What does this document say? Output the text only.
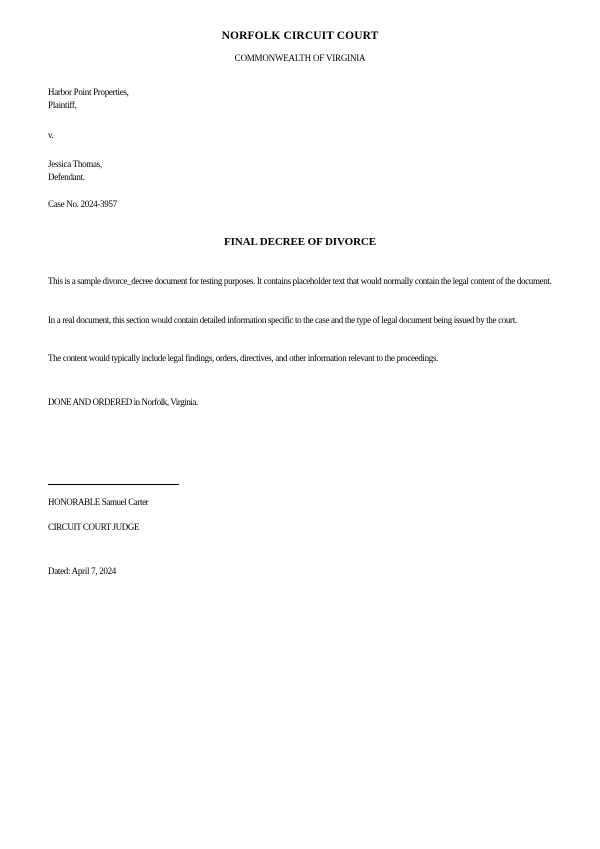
NORFOLK CIRCUIT COURT
COMMONWEALTH OF VIRGINIA
Harbor Point Properties,
Plaintiff,
v.
Jessica Thomas,
Defendant.
Case No. 2024-3957
FINAL DECREE OF DIVORCE

This is a sample divorce_decree document for testing purposes. It contains placeholder text that would normally contain the legal content of the document.

In a real document, this section would contain detailed information specific to the case and the type of legal document being issued by the court.

The content would typically include legal findings, orders, directives, and other information relevant to the proceedings.

DONE AND ORDERED in Norfolk, Virginia.
HONORABLE Samuel Carter
CIRCUIT COURT JUDGE
Dated: April 7, 2024
